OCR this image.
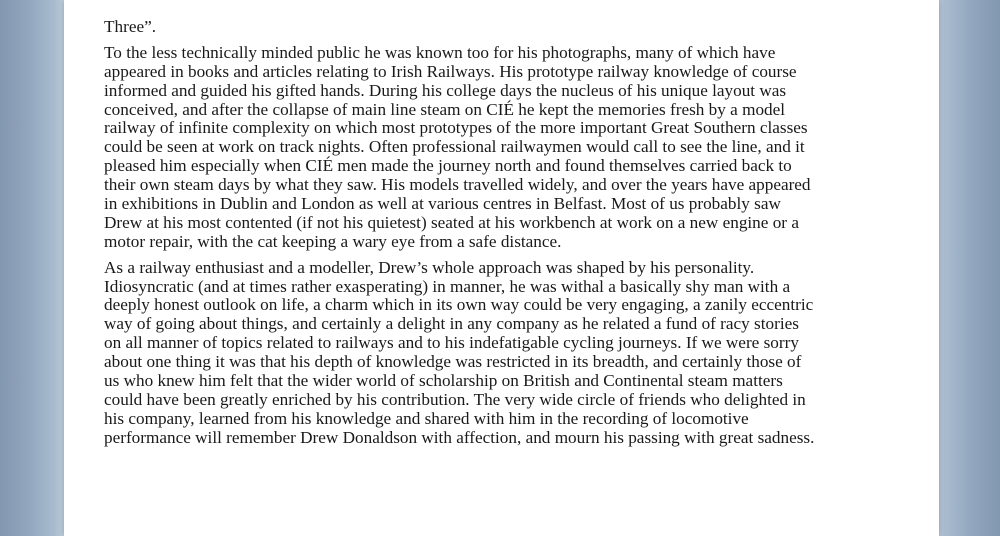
Three”.
To the less technically minded public he was known too for his photographs, many of which have
appeared in books and articles relating to Irish Railways. His prototype railway knowledge of course
informed and guided his gifted hands. During his college days the nucleus of his unique layout was
conceived, and after the collapse of main line steam on CIÉ he kept the memories fresh by a model
railway of infinite complexity on which most prototypes of the more important Great Southern classes
could be seen at work on track nights. Often professional railwaymen would call to see the line, and it
pleased him especially when CIÉ men made the journey north and found themselves carried back to
their own steam days by what they saw. His models travelled widely, and over the years have appeared
in exhibitions in Dublin and London as well at various centres in Belfast. Most of us probably saw
Drew at his most contented (if not his quietest) seated at his workbench at work on a new engine or a
motor repair, with the cat keeping a wary eye from a safe distance.
As a railway enthusiast and a modeller, Drew’s whole approach was shaped by his personality.
Idiosyncratic (and at times rather exasperating) in manner, he was withal a basically shy man with a
deeply honest outlook on life, a charm which in its own way could be very engaging, a zanily eccentric
way of going about things, and certainly a delight in any company as he related a fund of racy stories
on all manner of topics related to railways and to his indefatigable cycling journeys. If we were sorry
about one thing it was that his depth of knowledge was restricted in its breadth, and certainly those of
us who knew him felt that the wider world of scholarship on British and Continental steam matters
could have been greatly enriched by his contribution. The very wide circle of friends who delighted in
his company, learned from his knowledge and shared with him in the recording of locomotive
performance will remember Drew Donaldson with affection, and mourn his passing with great sadness.
